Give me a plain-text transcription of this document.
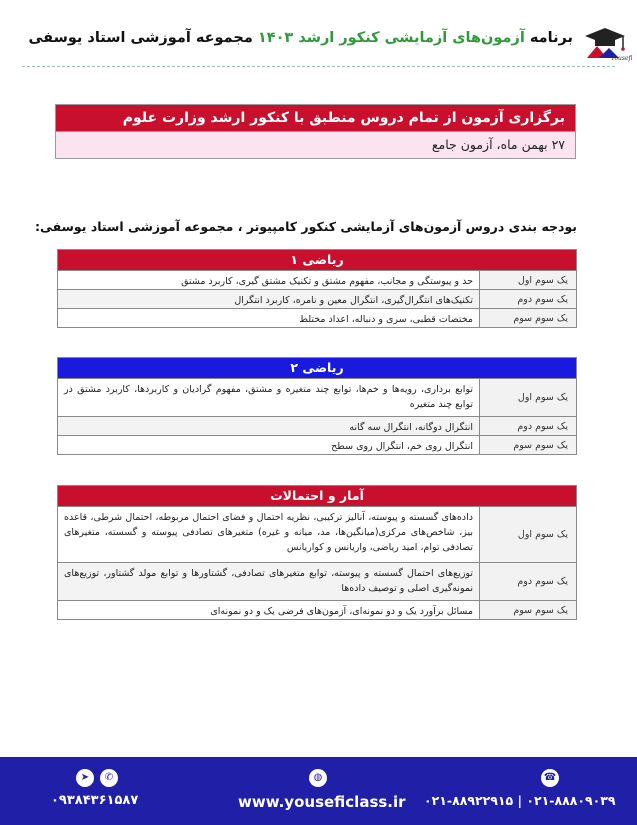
Yousefi
برنامه آزمون‌های آزمایشی کنکور ارشد ۱۴۰۳ مجموعه آموزشی استاد یوسفی
برگزاری آزمون از تمام دروس منطبق با کنکور ارشد وزارت علوم
۲۷ بهمن ماه، آزمون جامع
بودجه بندی دروس آزمون‌های آزمایشی کنکور کامپیوتر ، مجموعه آموزشی استاد یوسفی:
ریاضی ۱
یک سوم اول
حد و پیوستگی و مجانب، مفهوم مشتق و تکنیک مشتق گیری، کاربرد مشتق
یک سوم دوم
تکنیک‌های انتگرال‌گیری، انتگرال معین و نامره، کاربرد انتگرال
یک سوم سوم
مختصات قطبی، سری و دنباله، اعداد مختلط
ریاضی ۲
یک سوم اول
توابع برداری، رویه‌ها و خم‌ها، توابع چند متغیره و مشتق، مفهوم گرادیان و کاربردها، کاربرد مشتق در توابع چند متغیره
یک سوم دوم
انتگرال دوگانه، انتگرال سه گانه
یک سوم سوم
انتگرال روی خم، انتگرال روی سطح
آمار و احتمالات
یک سوم اول
داده‌های گسسته و پیوسته، آنالیز ترکیبی، نظریه احتمال و فضای احتمال مربوطه، احتمال شرطی، قاعده بیز، شاخص‌های مرکزی(میانگین‌ها، مد، میانه و غیره) متغیرهای تصادفی پیوسته و گسسته، متغیرهای تصادفی توام، امید ریاضی، واریانس و کواریانس
یک سوم دوم
توزیع‌های احتمال گسسته و پیوسته، توابع متغیرهای تصادفی، گشتاورها و توابع مولد گشتاور، توزیع‌های نمونه‌گیری اصلی و توصیف داده‌ها
یک سوم سوم
مسائل برآورد یک و دو نمونه‌ای، آزمون‌های فرضی یک و دو نمونه‌ای
➤	✆
۰۹۳۸۴۳۶۱۵۸۷
◍
www.youseficlass.ir
☎
۰۲۱-۸۸۸۰۹۰۳۹ | ۰۲۱-۸۸۹۲۲۹۱۵
